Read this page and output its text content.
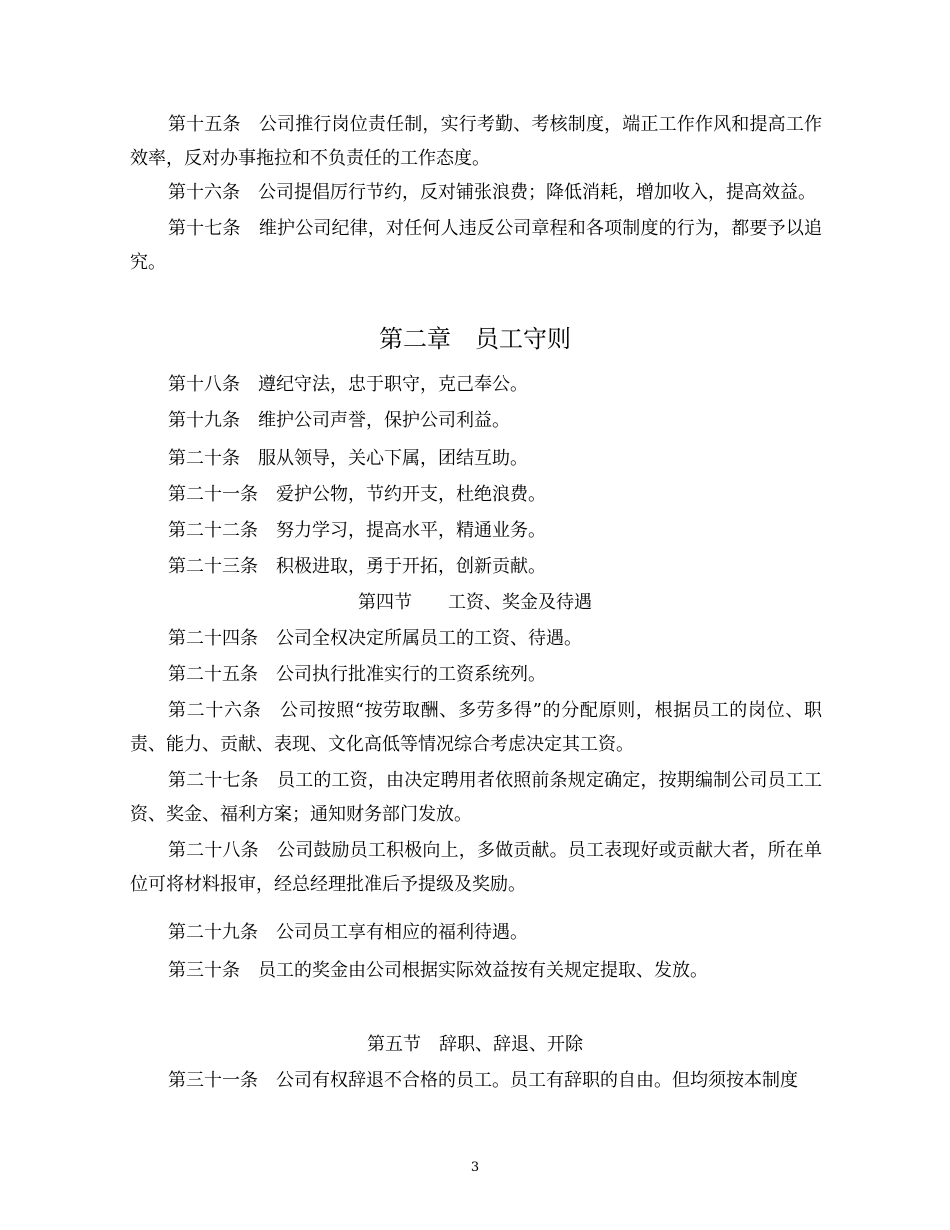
第十五条　公司推行岗位责任制，实行考勤、考核制度，端正工作作风和提高工作效率，反对办事拖拉和不负责任的工作态度。

第十六条　公司提倡厉行节约，反对铺张浪费；降低消耗，增加收入，提高效益。

第十七条　维护公司纪律，对任何人违反公司章程和各项制度的行为，都要予以追究。

第二章　员工守则

第十八条　遵纪守法，忠于职守，克己奉公。

第十九条　维护公司声誉，保护公司利益。

第二十条　服从领导，关心下属，团结互助。

第二十一条　爱护公物，节约开支，杜绝浪费。

第二十二条　努力学习，提高水平，精通业务。

第二十三条　积极进取，勇于开拓，创新贡献。

第四节　　工资、奖金及待遇

第二十四条　公司全权决定所属员工的工资、待遇。

第二十五条　公司执行批准实行的工资系统列。

第二十六条　公司按照“按劳取酬、多劳多得”的分配原则，根据员工的岗位、职责、能力、贡献、表现、文化高低等情况综合考虑决定其工资。

第二十七条　员工的工资，由决定聘用者依照前条规定确定，按期编制公司员工工资、奖金、福利方案；通知财务部门发放。

第二十八条　公司鼓励员工积极向上，多做贡献。员工表现好或贡献大者，所在单位可将材料报审，经总经理批准后予提级及奖励。

第二十九条　公司员工享有相应的福利待遇。

第三十条　员工的奖金由公司根据实际效益按有关规定提取、发放。

第五节　辞职、辞退、开除

第三十一条　公司有权辞退不合格的员工。员工有辞职的自由。但均须按本制度

3
